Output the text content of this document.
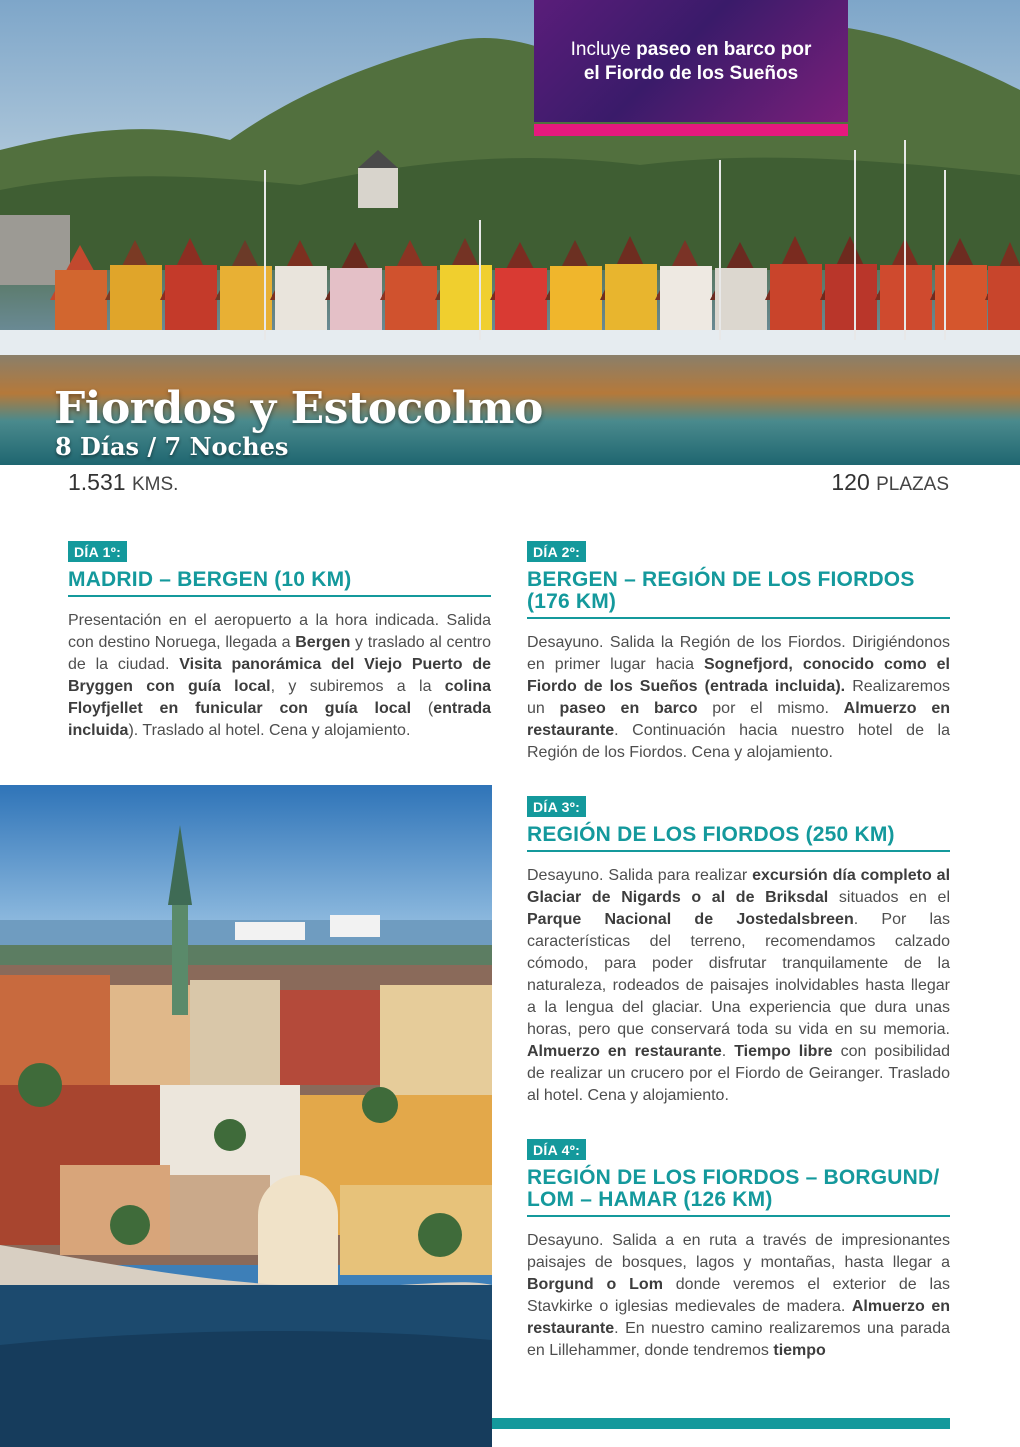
Incluye paseo en barco por
el Fiordo de los Sueños
Fiordos y Estocolmo
8 Días / 7 Noches
1.531 KMS.	120 PLAZAS
DÍA 1º:
MADRID – BERGEN (10 KM)

Presentación en el aeropuerto a la hora indicada. Salida con destino Noruega, llegada a Bergen y traslado al centro de la ciudad. Visita panorámica del Viejo Puerto de Bryggen con guía local, y subiremos a la colina Floyfjellet en funicular con guía local (entrada incluida). Traslado al hotel. Cena y alojamiento.

DÍA 2º:
BERGEN – REGIÓN DE LOS FIORDOS (176 KM)

Desayuno. Salida la Región de los Fiordos. Dirigiéndonos en primer lugar hacia Sognefjord, conocido como el Fiordo de los Sueños (entrada incluida). Realizaremos un paseo en barco por el mismo. Almuerzo en restaurante. Continuación hacia nuestro hotel de la Región de los Fiordos. Cena y alojamiento.

DÍA 3º:
REGIÓN DE LOS FIORDOS (250 KM)

Desayuno. Salida para realizar excursión día completo al Glaciar de Nigards o al de Briksdal situados en el Parque Nacional de Jostedalsbreen. Por las características del terreno, recomendamos calzado cómodo, para poder disfrutar tranquilamente de la naturaleza, rodeados de paisajes inolvidables hasta llegar a la lengua del glaciar. Una experiencia que dura unas horas, pero que conservará toda su vida en su memoria. Almuerzo en restaurante. Tiempo libre con posibilidad de realizar un crucero por el Fiordo de Geiranger. Traslado al hotel. Cena y alojamiento.

DÍA 4º:
REGIÓN DE LOS FIORDOS – BORGUND/ LOM – HAMAR (126 KM)

Desayuno. Salida a en ruta a través de impresionantes paisajes de bosques, lagos y montañas, hasta llegar a Borgund o Lom donde veremos el exterior de las Stavkirke o iglesias medievales de madera. Almuerzo en restaurante. En nuestro camino realizaremos una parada en Lillehammer, donde tendremos tiempo
